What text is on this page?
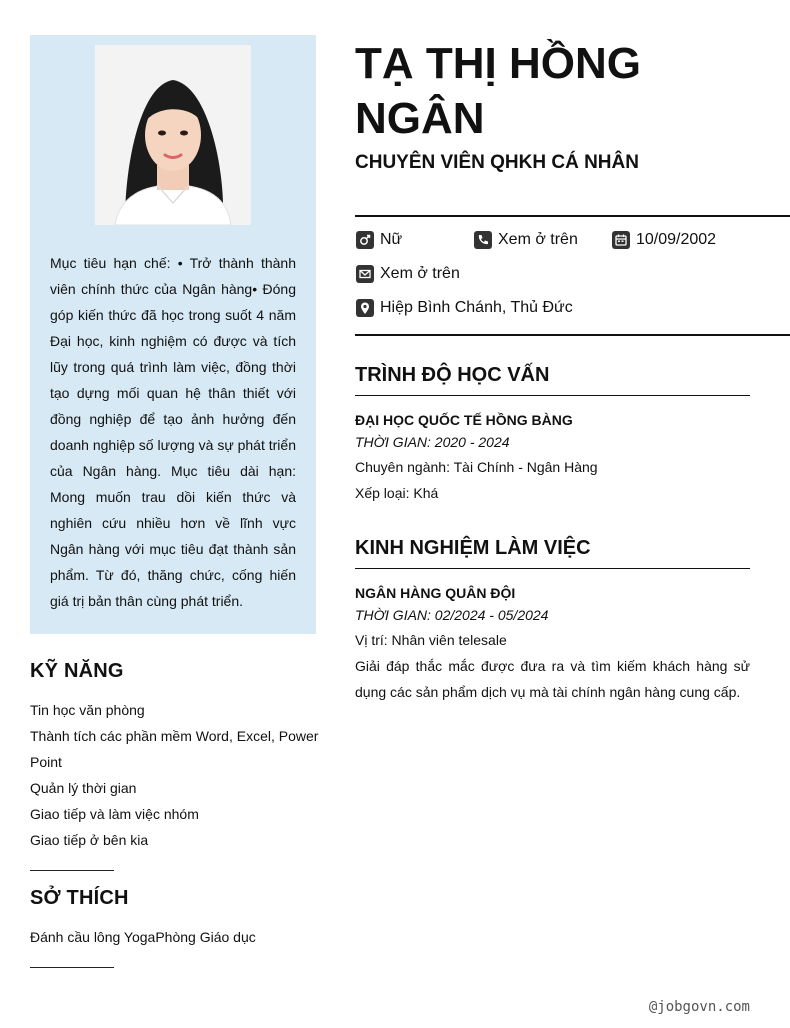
Mục tiêu hạn chế: • Trở thành thành viên chính thức của Ngân hàng• Đóng góp kiến thức đã học trong suốt 4 năm Đại học, kinh nghiệm có được và tích lũy trong quá trình làm việc, đồng thời tạo dựng mối quan hệ thân thiết với đồng nghiệp để tạo ảnh hưởng đến doanh nghiệp số lượng và sự phát triển của Ngân hàng. Mục tiêu dài hạn: Mong muốn trau dồi kiến thức và nghiên cứu nhiều hơn về lĩnh vực Ngân hàng với mục tiêu đạt thành sản phẩm. Từ đó, thăng chức, cống hiến giá trị bản thân cùng phát triển.

KỸ NĂNG
Tin học văn phòng
Thành tích các phần mềm Word, Excel, Power Point
Quản lý thời gian
Giao tiếp và làm việc nhóm
Giao tiếp ở bên kia
SỞ THÍCH
Đánh cầu lông YogaPhòng Giáo dục
TẠ THỊ HỒNG NGÂN
CHUYÊN VIÊN QHKH CÁ NHÂN
Nữ	Xem ở trên	10/09/2002
Xem ở trên
Hiệp Bình Chánh, Thủ Đức
TRÌNH ĐỘ HỌC VẤN
ĐẠI HỌC QUỐC TẾ HỒNG BÀNG
THỜI GIAN: 2020 - 2024
Chuyên ngành: Tài Chính - Ngân Hàng
Xếp loại: Khá
KINH NGHIỆM LÀM VIỆC
NGÂN HÀNG QUÂN ĐỘI
THỜI GIAN: 02/2024 - 05/2024
Vị trí: Nhân viên telesale
Giải đáp thắc mắc được đưa ra và tìm kiếm khách hàng sử dụng các sản phẩm dịch vụ mà tài chính ngân hàng cung cấp.
@jobgovn.com
